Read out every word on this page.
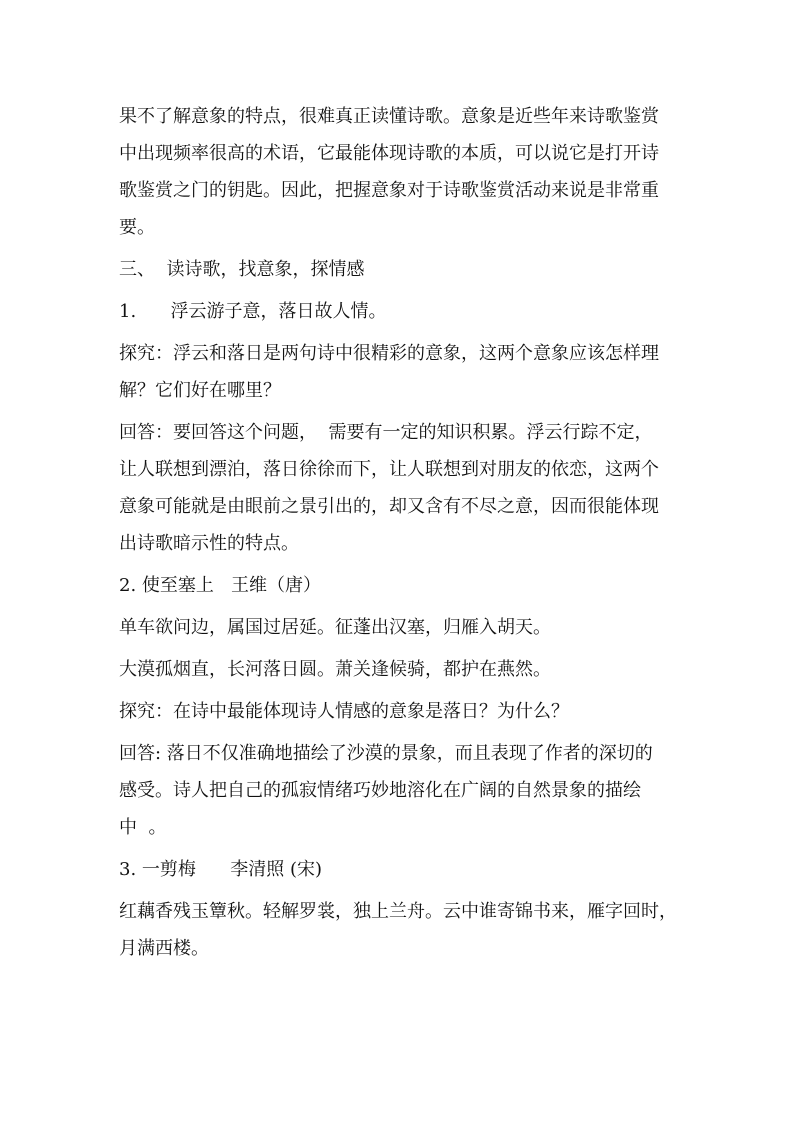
果不了解意象的特点，很难真正读懂诗歌。意象是近些年来诗歌鉴赏
中出现频率很高的术语，它最能体现诗歌的本质，可以说它是打开诗
歌鉴赏之门的钥匙。因此，把握意象对于诗歌鉴赏活动来说是非常重
要。
三、  读诗歌，找意象，探情感
1.      浮云游子意，落日故人情。
探究：浮云和落日是两句诗中很精彩的意象，这两个意象应该怎样理
解？它们好在哪里？
回答：要回答这个问题，  需要有一定的知识积累。浮云行踪不定，
让人联想到漂泊，落日徐徐而下，让人联想到对朋友的依恋，这两个
意象可能就是由眼前之景引出的，却又含有不尽之意，因而很能体现
出诗歌暗示性的特点。
2. 使至塞上   王维（唐）
单车欲问边，属国过居延。征蓬出汉塞，归雁入胡天。
大漠孤烟直，长河落日圆。萧关逢候骑，都护在燕然。
探究：在诗中最能体现诗人情感的意象是落日？为什么？
回答: 落日不仅准确地描绘了沙漠的景象，而且表现了作者的深切的
感受。诗人把自己的孤寂情绪巧妙地溶化在广阔的自然景象的描绘
中  。
3. 一剪梅      李清照 (宋)
红藕香残玉簟秋。轻解罗裳，独上兰舟。云中谁寄锦书来，雁字回时，
月满西楼。
